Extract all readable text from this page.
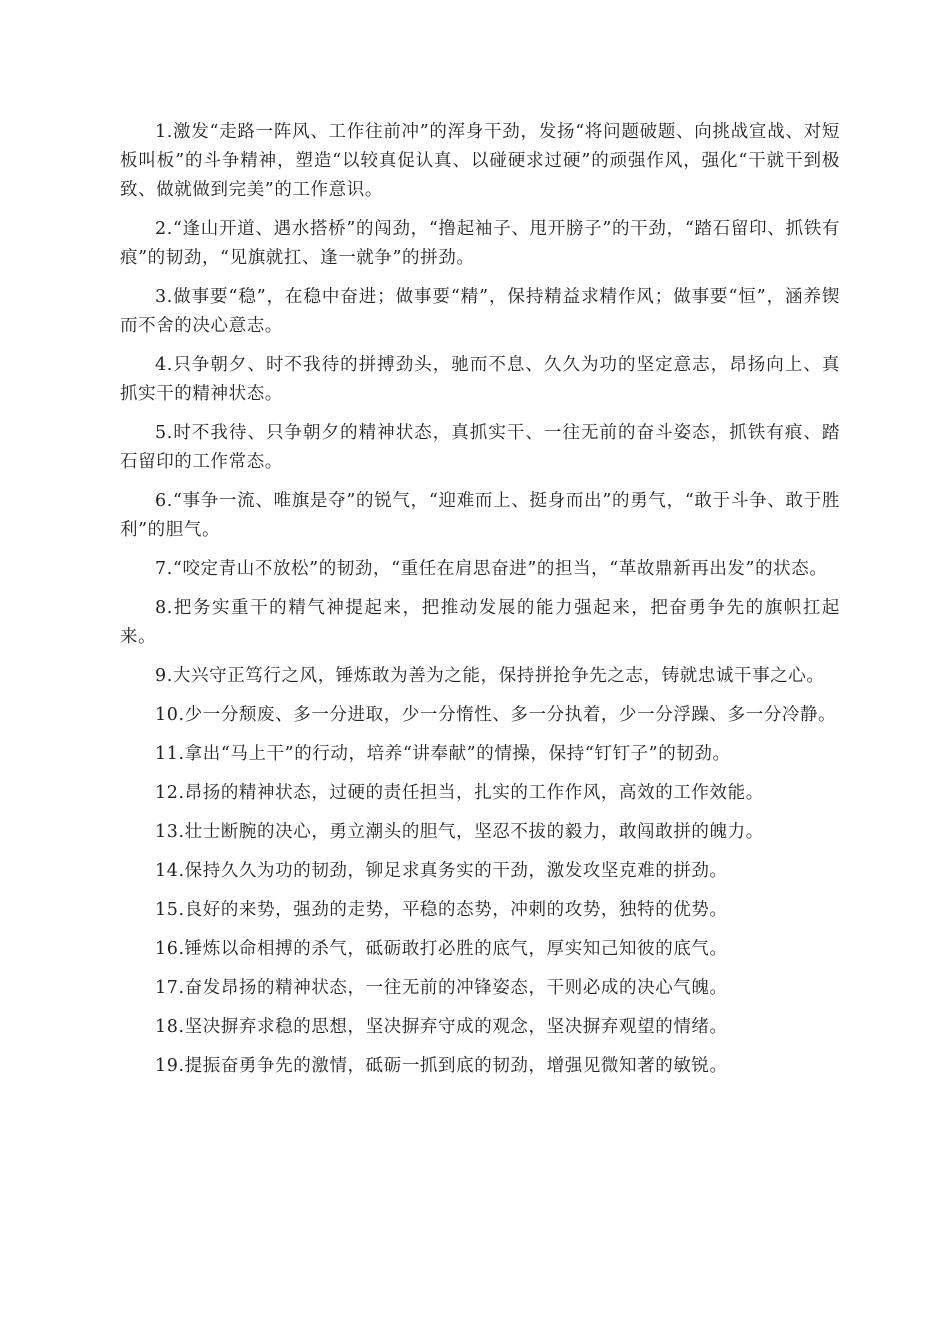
1.激发“走路一阵风、工作往前冲”的浑身干劲，发扬“将问题破题、向挑战宣战、对短板叫板”的斗争精神，塑造“以较真促认真、以碰硬求过硬”的顽强作风，强化“干就干到极致、做就做到完美”的工作意识。

2.“逢山开道、遇水搭桥”的闯劲，“撸起袖子、甩开膀子”的干劲，“踏石留印、抓铁有痕”的韧劲，“见旗就扛、逢一就争”的拼劲。

3.做事要“稳”，在稳中奋进；做事要“精”，保持精益求精作风；做事要“恒”，涵养锲而不舍的决心意志。

4.只争朝夕、时不我待的拼搏劲头，驰而不息、久久为功的坚定意志，昂扬向上、真抓实干的精神状态。

5.时不我待、只争朝夕的精神状态，真抓实干、一往无前的奋斗姿态，抓铁有痕、踏石留印的工作常态。

6.“事争一流、唯旗是夺”的锐气，“迎难而上、挺身而出”的勇气，“敢于斗争、敢于胜利”的胆气。

7.“咬定青山不放松”的韧劲，“重任在肩思奋进”的担当，“革故鼎新再出发”的状态。

8.把务实重干的精气神提起来，把推动发展的能力强起来，把奋勇争先的旗帜扛起来。

9.大兴守正笃行之风，锤炼敢为善为之能，保持拼抢争先之志，铸就忠诚干事之心。

10.少一分颓废、多一分进取，少一分惰性、多一分执着，少一分浮躁、多一分冷静。

11.拿出“马上干”的行动，培养“讲奉献”的情操，保持“钉钉子”的韧劲。

12.昂扬的精神状态，过硬的责任担当，扎实的工作作风，高效的工作效能。

13.壮士断腕的决心，勇立潮头的胆气，坚忍不拔的毅力，敢闯敢拼的魄力。

14.保持久久为功的韧劲，铆足求真务实的干劲，激发攻坚克难的拼劲。

15.良好的来势，强劲的走势，平稳的态势，冲刺的攻势，独特的优势。

16.锤炼以命相搏的杀气，砥砺敢打必胜的底气，厚实知己知彼的底气。

17.奋发昂扬的精神状态，一往无前的冲锋姿态，干则必成的决心气魄。

18.坚决摒弃求稳的思想，坚决摒弃守成的观念，坚决摒弃观望的情绪。

19.提振奋勇争先的激情，砥砺一抓到底的韧劲，增强见微知著的敏锐。
